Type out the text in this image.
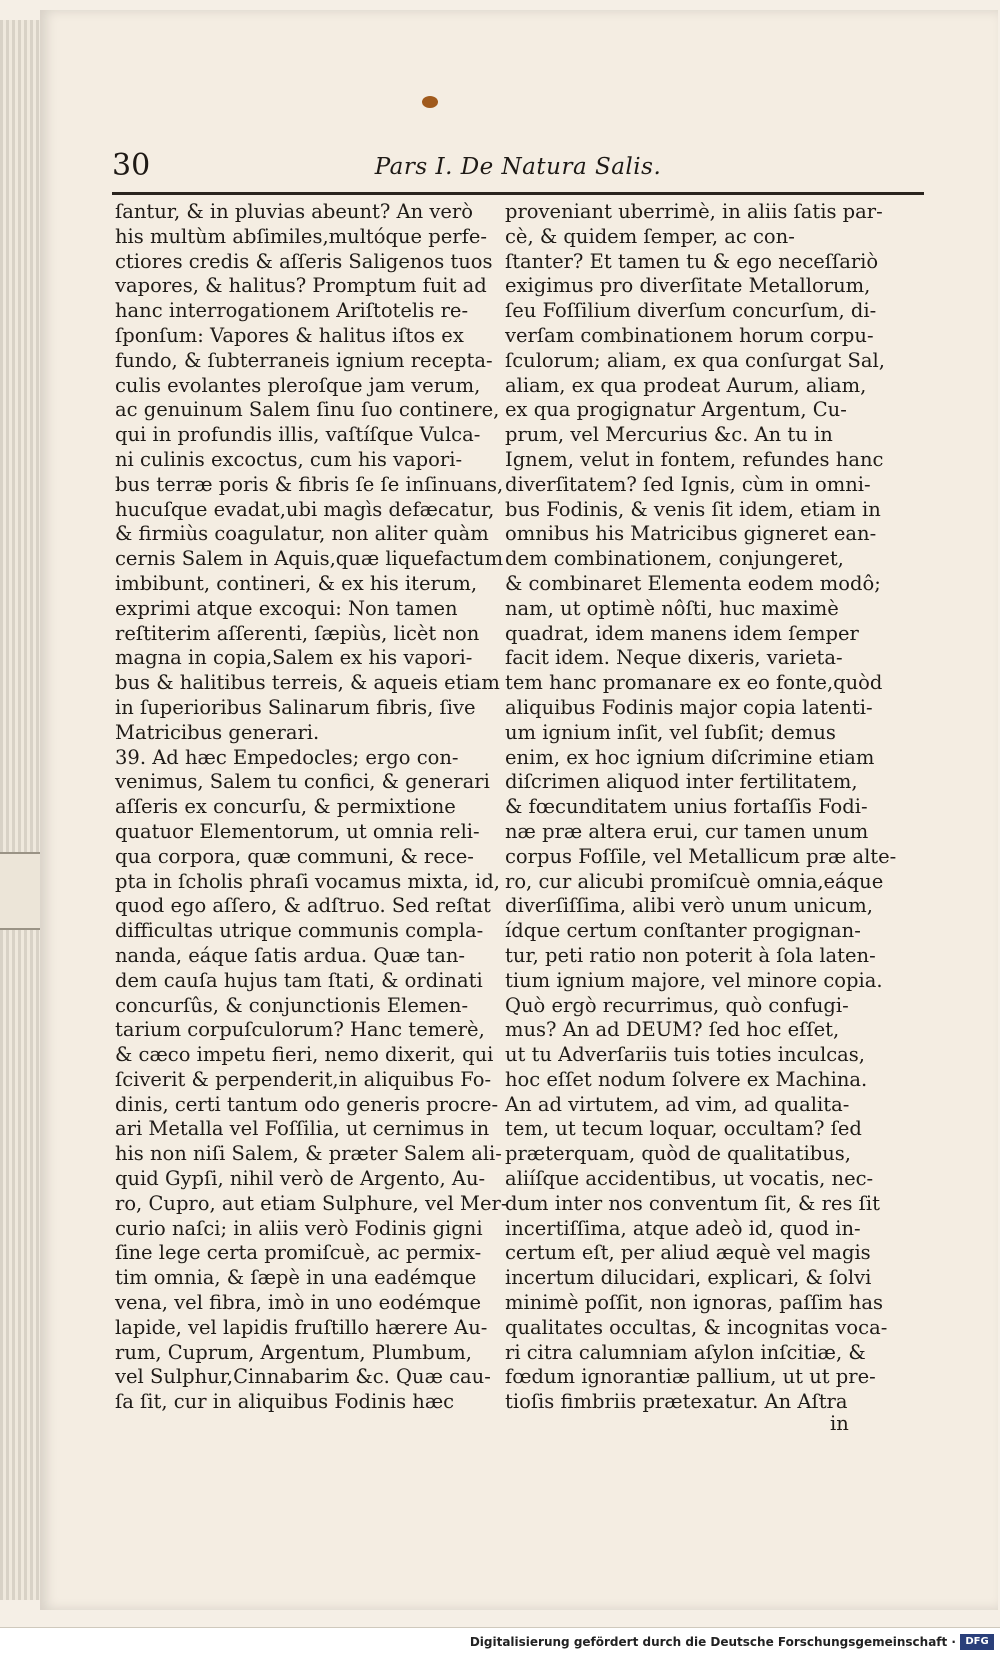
30	Pars I. De Natura Salis.
ſantur, & in pluvias abeunt? An verò
his multùm abſimiles,multóque perfe-
ctiores credis & aſſeris Saligenos tuos
vapores, & halitus? Promptum fuit ad
hanc interrogationem Ariſtotelis re-
ſponſum: Vapores & halitus iſtos ex
fundo, & ſubterraneis ignium recepta-
culis evolantes pleroſque jam verum,
ac genuinum Salem ſinu ſuo continere,
qui in profundis illis, vaſtíſque Vulca-
ni culinis excoctus, cum his vapori-
bus terræ poris & fibris ſe ſe inſinuans,
hucuſque evadat,ubi magìs defæcatur,
& firmiùs coagulatur, non aliter quàm
cernis Salem in Aquis,quæ liquefactum
imbibunt, contineri, & ex his iterum,
exprimi atque excoqui: Non tamen
reſtiterim aſſerenti, ſæpiùs, licèt non
magna in copia,Salem ex his vapori-
bus & halitibus terreis, & aqueis etiam
in ſuperioribus Salinarum fibris, ſive
Matricibus generari.
39. Ad hæc Empedocles; ergo con-
venimus, Salem tu confici, & generari
aſſeris ex concurſu, & permixtione
quatuor Elementorum, ut omnia reli-
qua corpora, quæ communi, & rece-
pta in ſcholis phraſi vocamus mixta, id,
quod ego aſſero, & adſtruo. Sed reſtat
difficultas utrique communis compla-
nanda, eáque ſatis ardua. Quæ tan-
dem cauſa hujus tam ſtati, & ordinati
concurſûs, & conjunctionis Elemen-
tarium corpuſculorum? Hanc temerè,
& cæco impetu fieri, nemo dixerit, qui
ſciverit & perpenderit,in aliquibus Fo-
dinis, certi tantum odo generis procre-
ari Metalla vel Foſſilia, ut cernimus in
his non niſi Salem, & præter Salem ali-
quid Gypſi, nihil verò de Argento, Au-
ro, Cupro, aut etiam Sulphure, vel Mer-
curio naſci; in aliis verò Fodinis gigni
ſine lege certa promiſcuè, ac permix-
tim omnia, & ſæpè in una eadémque
vena, vel fibra, imò in uno eodémque
lapide, vel lapidis fruſtillo hærere Au-
rum, Cuprum, Argentum, Plumbum,
vel Sulphur,Cinnabarim &c. Quæ cau-
ſa ſit, cur in aliquibus Fodinis hæc
proveniant uberrimè, in aliis ſatis par-
cè, & quidem ſemper, ac con-
ſtanter? Et tamen tu & ego neceſſariò
exigimus pro diverſitate Metallorum,
ſeu Foſſilium diverſum concurſum, di-
verſam combinationem horum corpu-
ſculorum; aliam, ex qua conſurgat Sal,
aliam, ex qua prodeat Aurum, aliam,
ex qua progignatur Argentum, Cu-
prum, vel Mercurius &c. An tu in
Ignem, velut in fontem, refundes hanc
diverſitatem? ſed Ignis, cùm in omni-
bus Fodinis, & venis ſit idem, etiam in
omnibus his Matricibus gigneret ean-
dem combinationem, conjungeret,
& combinaret Elementa eodem modô;
nam, ut optimè nôſti, huc maximè
quadrat, idem manens idem ſemper
facit idem. Neque dixeris, varieta-
tem hanc promanare ex eo fonte,quòd
aliquibus Fodinis major copia latenti-
um ignium inſit, vel ſubſit; demus
enim, ex hoc ignium diſcrimine etiam
diſcrimen aliquod inter fertilitatem,
& fœcunditatem unius fortaſſis Fodi-
næ præ altera erui, cur tamen unum
corpus Foſſile, vel Metallicum præ alte-
ro, cur alicubi promiſcuè omnia,eáque
diverſiſſima, alibi verò unum unicum,
ídque certum conſtanter progignan-
tur, peti ratio non poterit à ſola laten-
tium ignium majore, vel minore copia.
Quò ergò recurrimus, quò confugi-
mus? An ad DEUM? ſed hoc eſſet,
ut tu Adverſariis tuis toties inculcas,
hoc eſſet nodum ſolvere ex Machina.
An ad virtutem, ad vim, ad qualita-
tem, ut tecum loquar, occultam? ſed
præterquam, quòd de qualitatibus,
aliíſque accidentibus, ut vocatis, nec-
dum inter nos conventum ſit, & res ſit
incertiſſima, atque adeò id, quod in-
certum eſt, per aliud æquè vel magis
incertum dilucidari, explicari, & ſolvi
minimè poſſit, non ignoras, paſſim has
qualitates occultas, & incognitas voca-
ri citra calumniam aſylon inſcitiæ, &
fœdum ignorantiæ pallium, ut ut pre-
tioſis fimbriis prætexatur. An Aſtra
in
Digitalisierung gefördert durch die Deutsche Forschungsgemeinschaft · DFG
